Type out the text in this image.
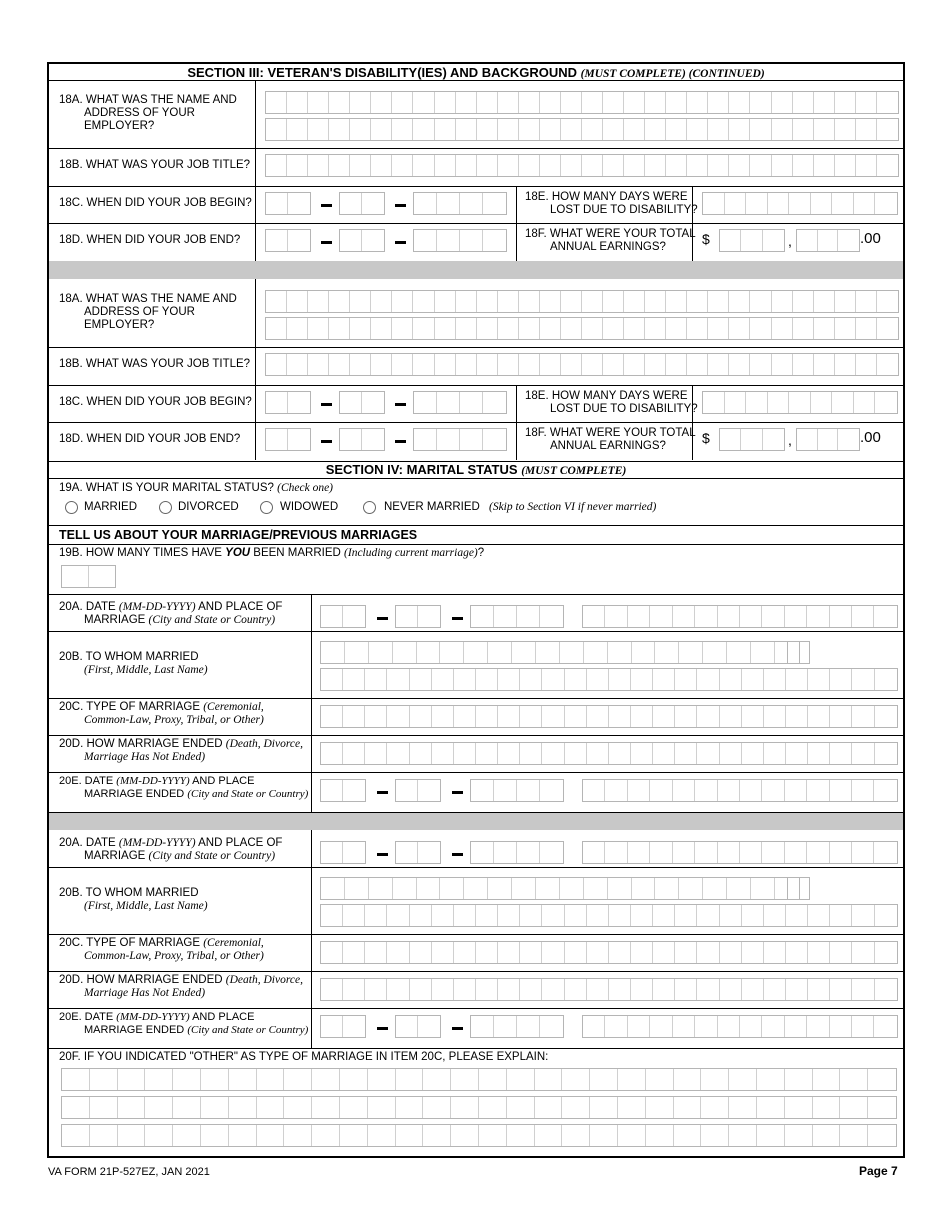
SECTION III: VETERAN'S DISABILITY(IES) AND BACKGROUND (MUST COMPLETE) (CONTINUED)
18A. WHAT WAS THE NAME AND
ADDRESS OF YOUR
EMPLOYER?
18B. WHAT WAS YOUR JOB TITLE?
18C. WHEN DID YOUR JOB BEGIN?	18E. HOW MANY DAYS WERE
LOST DUE TO DISABILITY?
18D. WHEN DID YOUR JOB END?	18F. WHAT WERE YOUR TOTAL
ANNUAL EARNINGS?	$	,	.00
18A. WHAT WAS THE NAME AND
ADDRESS OF YOUR
EMPLOYER?
18B. WHAT WAS YOUR JOB TITLE?
18C. WHEN DID YOUR JOB BEGIN?	18E. HOW MANY DAYS WERE
LOST DUE TO DISABILITY?
18D. WHEN DID YOUR JOB END?	18F. WHAT WERE YOUR TOTAL
ANNUAL EARNINGS?	$	,	.00
SECTION IV: MARITAL STATUS (MUST COMPLETE)
19A. WHAT IS YOUR MARITAL STATUS? (Check one)
MARRIED	DIVORCED	WIDOWED	NEVER MARRIED (Skip to Section VI if never married)
TELL US ABOUT YOUR MARRIAGE/PREVIOUS MARRIAGES
19B. HOW MANY TIMES HAVE YOU BEEN MARRIED (Including current marriage)?
20A. DATE (MM-DD-YYYY) AND PLACE OF
MARRIAGE (City and State or Country)
20B. TO WHOM MARRIED
(First, Middle, Last Name)
20C. TYPE OF MARRIAGE (Ceremonial,
Common-Law, Proxy, Tribal, or Other)
20D. HOW MARRIAGE ENDED (Death, Divorce,
Marriage Has Not Ended)
20E. DATE (MM-DD-YYYY) AND PLACE
MARRIAGE ENDED (City and State or Country)
20A. DATE (MM-DD-YYYY) AND PLACE OF
MARRIAGE (City and State or Country)
20B. TO WHOM MARRIED
(First, Middle, Last Name)
20C. TYPE OF MARRIAGE (Ceremonial,
Common-Law, Proxy, Tribal, or Other)
20D. HOW MARRIAGE ENDED (Death, Divorce,
Marriage Has Not Ended)
20E. DATE (MM-DD-YYYY) AND PLACE
MARRIAGE ENDED (City and State or Country)
20F. IF YOU INDICATED "OTHER" AS TYPE OF MARRIAGE IN ITEM 20C, PLEASE EXPLAIN:
VA FORM 21P-527EZ, JAN 2021	Page 7
